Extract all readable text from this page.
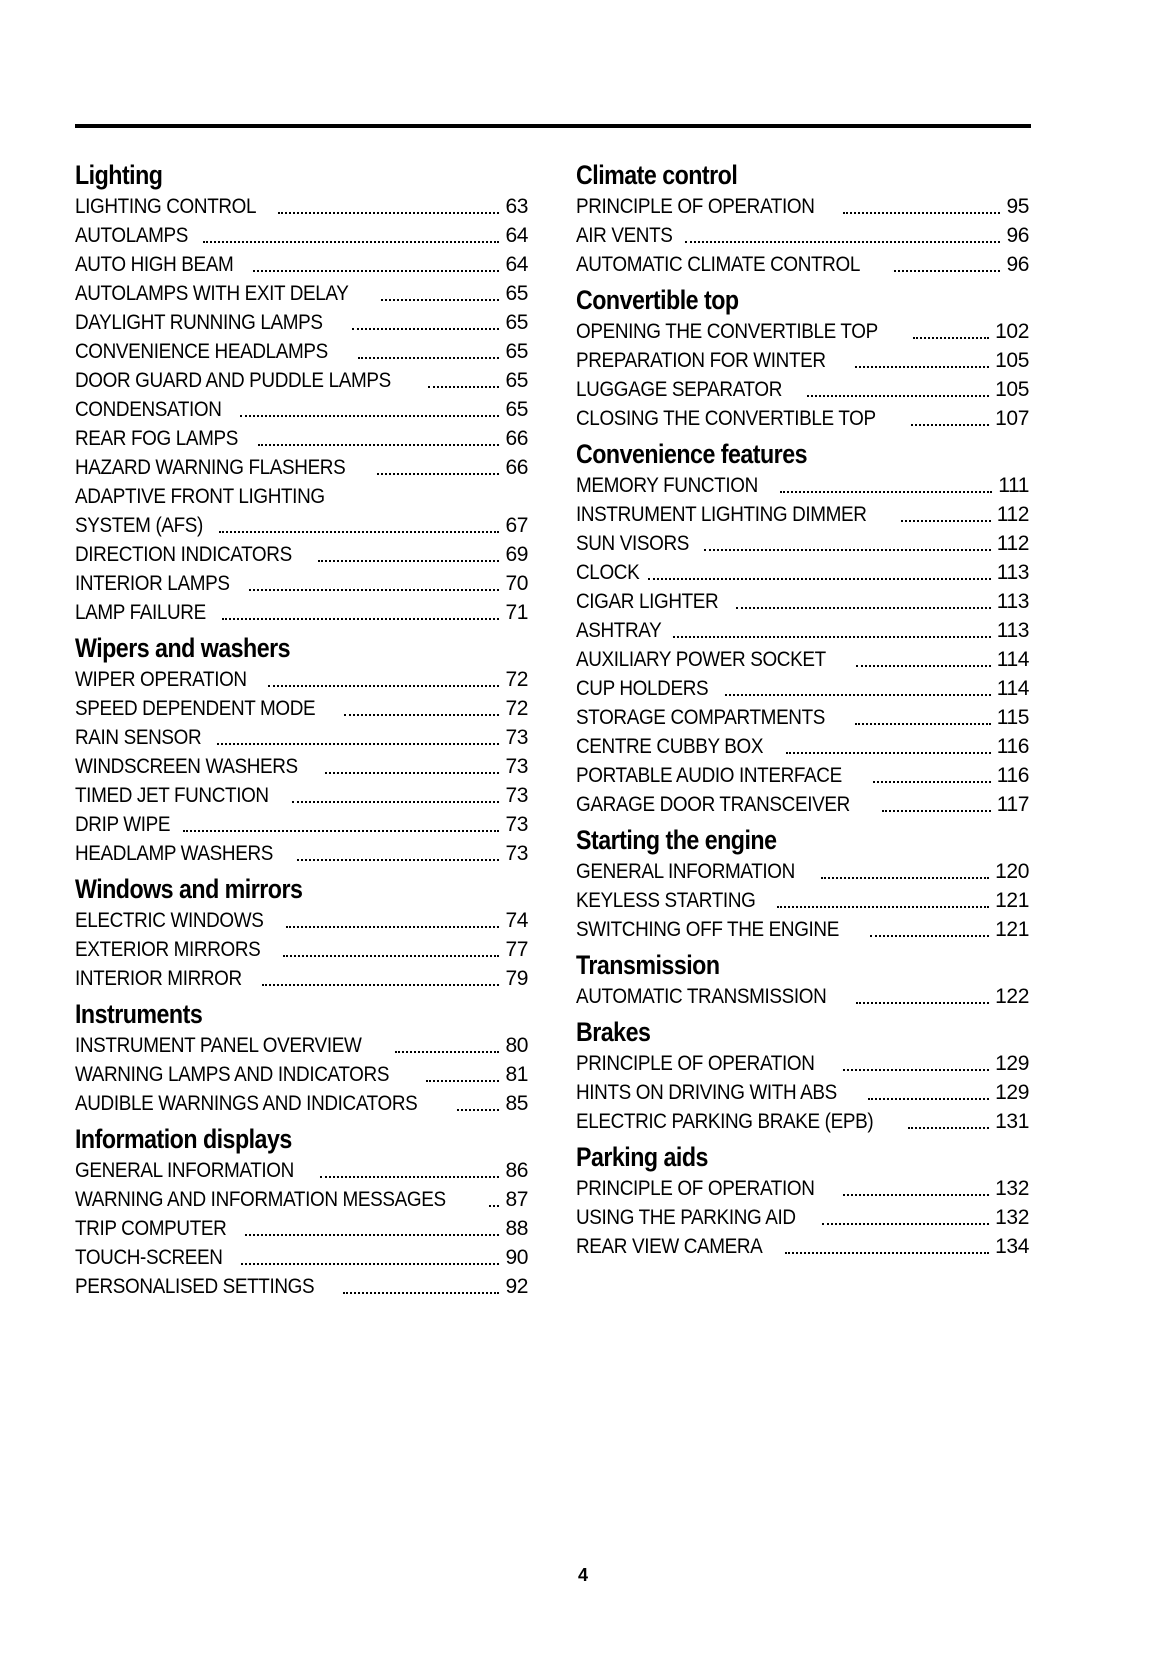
Lighting
LIGHTING CONTROL	63
AUTOLAMPS	64
AUTO HIGH BEAM	64
AUTOLAMPS WITH EXIT DELAY	65
DAYLIGHT RUNNING LAMPS	65
CONVENIENCE HEADLAMPS	65
DOOR GUARD AND PUDDLE LAMPS	65
CONDENSATION	65
REAR FOG LAMPS	66
HAZARD WARNING FLASHERS	66
ADAPTIVE FRONT LIGHTING
SYSTEM (AFS)	67
DIRECTION INDICATORS	69
INTERIOR LAMPS	70
LAMP FAILURE	71
Wipers and washers
WIPER OPERATION	72
SPEED DEPENDENT MODE	72
RAIN SENSOR	73
WINDSCREEN WASHERS	73
TIMED JET FUNCTION	73
DRIP WIPE	73
HEADLAMP WASHERS	73
Windows and mirrors
ELECTRIC WINDOWS	74
EXTERIOR MIRRORS	77
INTERIOR MIRROR	79
Instruments
INSTRUMENT PANEL OVERVIEW	80
WARNING LAMPS AND INDICATORS	81
AUDIBLE WARNINGS AND INDICATORS	85
Information displays
GENERAL INFORMATION	86
WARNING AND INFORMATION MESSAGES	87
TRIP COMPUTER	88
TOUCH-SCREEN	90
PERSONALISED SETTINGS	92
Climate control
PRINCIPLE OF OPERATION	95
AIR VENTS	96
AUTOMATIC CLIMATE CONTROL	96
Convertible top
OPENING THE CONVERTIBLE TOP	102
PREPARATION FOR WINTER	105
LUGGAGE SEPARATOR	105
CLOSING THE CONVERTIBLE TOP	107
Convenience features
MEMORY FUNCTION	111
INSTRUMENT LIGHTING DIMMER	112
SUN VISORS	112
CLOCK	113
CIGAR LIGHTER	113
ASHTRAY	113
AUXILIARY POWER SOCKET	114
CUP HOLDERS	114
STORAGE COMPARTMENTS	115
CENTRE CUBBY BOX	116
PORTABLE AUDIO INTERFACE	116
GARAGE DOOR TRANSCEIVER	117
Starting the engine
GENERAL INFORMATION	120
KEYLESS STARTING	121
SWITCHING OFF THE ENGINE	121
Transmission
AUTOMATIC TRANSMISSION	122
Brakes
PRINCIPLE OF OPERATION	129
HINTS ON DRIVING WITH ABS	129
ELECTRIC PARKING BRAKE (EPB)	131
Parking aids
PRINCIPLE OF OPERATION	132
USING THE PARKING AID	132
REAR VIEW CAMERA	134
4
